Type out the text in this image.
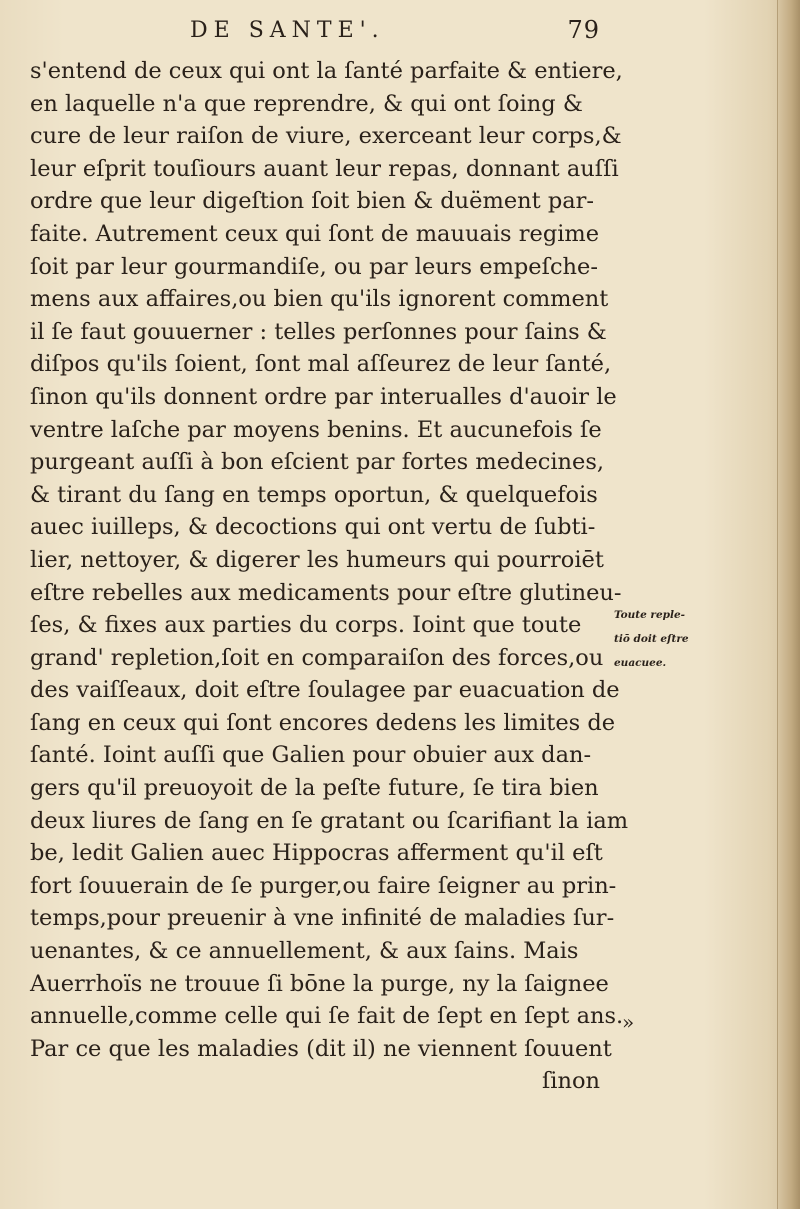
DE SANTE'.	79
s'entend de ceux qui ont la ſanté parfaite & entiere,
en laquelle n'a que reprendre, & qui ont ſoing &
cure de leur raiſon de viure, exerceant leur corps,&
leur eſprit touſiours auant leur repas, donnant auſſi
ordre que leur digeſtion ſoit bien & duëment par-
faite. Autrement ceux qui ſont de mauuais regime
ſoit par leur gourmandiſe, ou par leurs empeſche-
mens aux affaires,ou bien qu'ils ignorent comment
il ſe faut gouuerner : telles perſonnes pour ſains &
diſpos qu'ils ſoient, ſont mal aſſeurez de leur ſanté,
ſinon qu'ils donnent ordre par interualles d'auoir le
ventre laſche par moyens benins. Et aucunefois ſe
purgeant auſſi à bon eſcient par fortes medecines,
& tirant du ſang en temps oportun, & quelquefois
auec iuilleps, & decoctions qui ont vertu de ſubti-
lier, nettoyer, & digerer les humeurs qui pourroiēt
eſtre rebelles aux medicaments pour eſtre glutineu-
ſes, & fixes aux parties du corps. Ioint que toute
grand' repletion,ſoit en comparaiſon des forces,ou
des vaiſſeaux, doit eſtre ſoulagee par euacuation de
ſang en ceux qui ſont encores dedens les limites de
ſanté. Ioint auſſi que Galien pour obuier aux dan-
gers qu'il preuoyoit de la peſte future, ſe tira bien
deux liures de ſang en ſe gratant ou ſcarifiant la iam
be, ledit Galien auec Hippocras afferment qu'il eſt
fort ſouuerain de ſe purger,ou faire ſeigner au prin-
temps,pour preuenir à vne infinité de maladies ſur-
uenantes, & ce annuellement, & aux ſains. Mais
Auerrhoïs ne trouue ſi bōne la purge, ny la ſaignee
annuelle,comme celle qui ſe fait de ſept en ſept ans.
Par ce que les maladies (dit il) ne viennent ſouuent
ſinon
Toute reple-
tiō doit eſtre
euacuee.
»
